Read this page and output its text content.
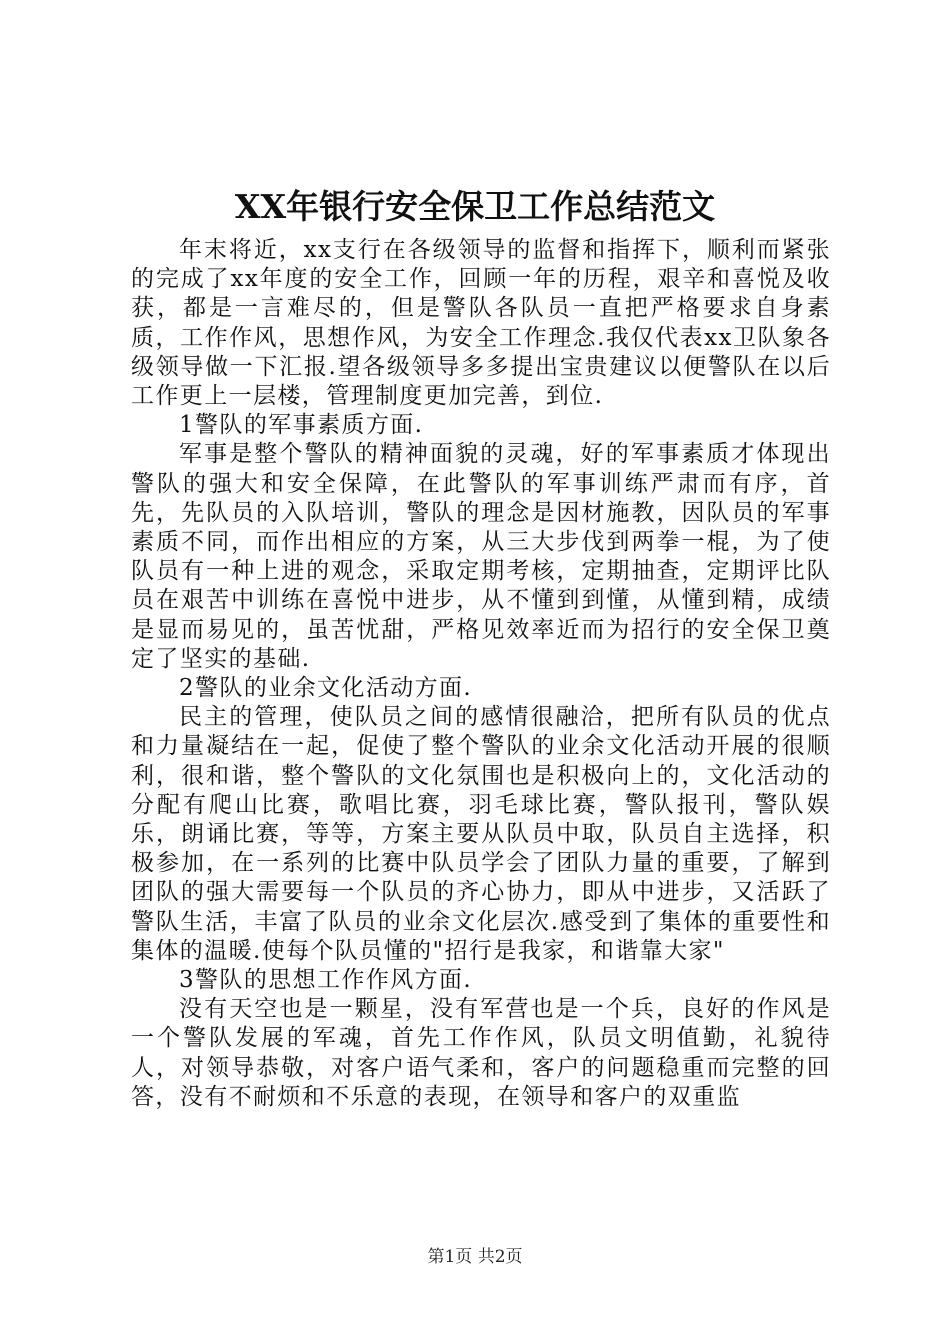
XX年银行安全保卫工作总结范文

年末将近，xx支行在各级领导的监督和指挥下，顺利而紧张的完成了xx年度的安全工作，回顾一年的历程，艰辛和喜悦及收获，都是一言难尽的，但是警队各队员一直把严格要求自身素质，工作作风，思想作风，为安全工作理念.我仅代表xx卫队象各级领导做一下汇报.望各级领导多多提出宝贵建议以便警队在以后工作更上一层楼，管理制度更加完善，到位.

1警队的军事素质方面.

军事是整个警队的精神面貌的灵魂，好的军事素质才体现出警队的强大和安全保障，在此警队的军事训练严肃而有序，首先，先队员的入队培训，警队的理念是因材施教，因队员的军事素质不同，而作出相应的方案，从三大步伐到两拳一棍，为了使队员有一种上进的观念，采取定期考核，定期抽查，定期评比队员在艰苦中训练在喜悦中进步，从不懂到到懂，从懂到精，成绩是显而易见的，虽苦忧甜，严格见效率近而为招行的安全保卫奠定了坚实的基础.

2警队的业余文化活动方面.

民主的管理，使队员之间的感情很融洽，把所有队员的优点和力量凝结在一起，促使了整个警队的业余文化活动开展的很顺利，很和谐，整个警队的文化氛围也是积极向上的，文化活动的分配有爬山比赛，歌唱比赛，羽毛球比赛，警队报刊，警队娱乐，朗诵比赛，等等，方案主要从队员中取，队员自主选择，积极参加，在一系列的比赛中队员学会了团队力量的重要，了解到团队的强大需要每一个队员的齐心协力，即从中进步，又活跃了警队生活，丰富了队员的业余文化层次.感受到了集体的重要性和集体的温暖.使每个队员懂的"招行是我家，和谐靠大家"

3警队的思想工作作风方面.

没有天空也是一颗星，没有军营也是一个兵，良好的作风是一个警队发展的军魂，首先工作作风，队员文明值勤，礼貌待人，对领导恭敬，对客户语气柔和，客户的问题稳重而完整的回答，没有不耐烦和不乐意的表现，在领导和客户的双重监

第1页 共2页
